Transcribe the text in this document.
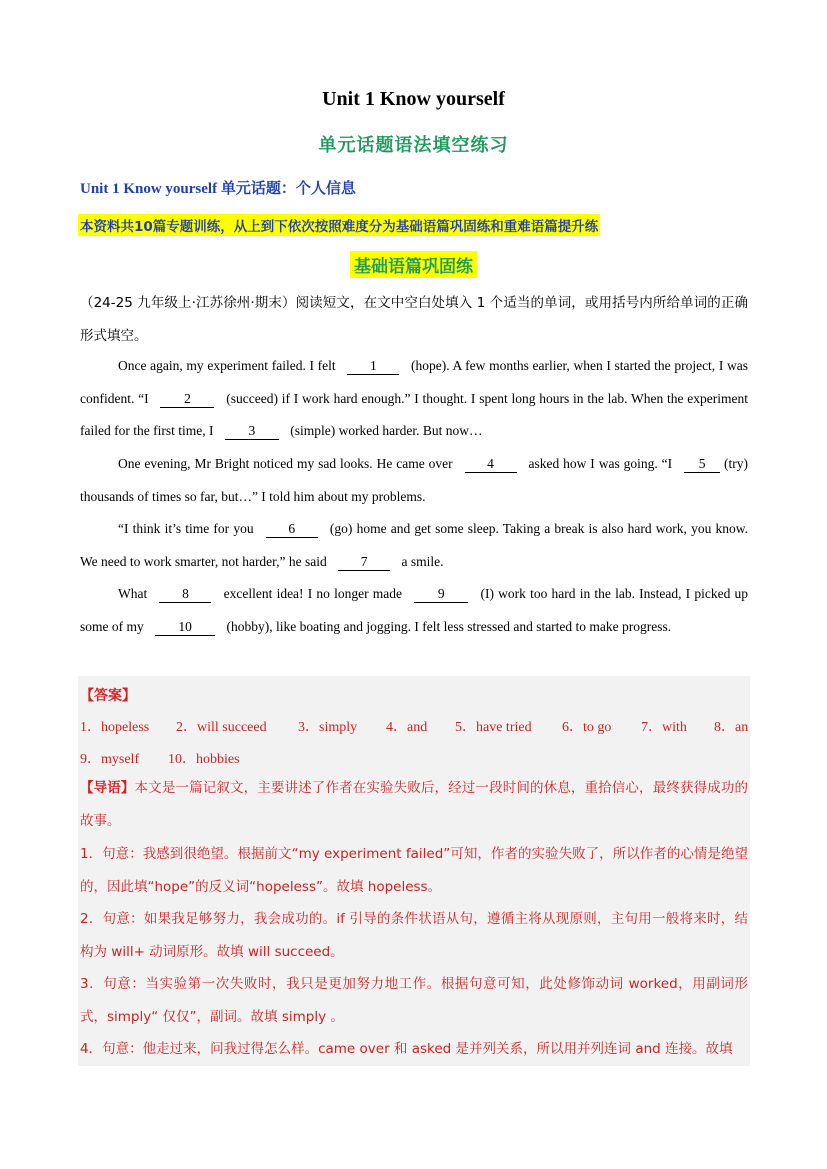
Unit 1 Know yourself
单元话题语法填空练习
Unit 1 Know yourself 单元话题：个人信息
本资料共10篇专题训练，从上到下依次按照难度分为基础语篇巩固练和重难语篇提升练
基础语篇巩固练
（24-25 九年级上·江苏徐州·期末）阅读短文，在文中空白处填入 1 个适当的单词，或用括号内所给单词的正确形式填空。
Once again, my experiment failed. I felt	1	(hope). A few months earlier, when I started the project, I was confident. “I	2	(succeed) if I work hard enough.” I thought. I spent long hours in the lab. When the experiment failed for the first time, I	3	(simple) worked harder. But now…
One evening, Mr Bright noticed my sad looks. He came over	4	asked how I was going. “I 5 (try) thousands of times so far, but…” I told him about my problems.
“I think it’s time for you	6	(go) home and get some sleep. Taking a break is also hard work, you know. We need to work smarter, not harder,” he said	7	a smile.
What	8	excellent idea! I no longer made	9	(I) work too hard in the lab. Instead, I picked up some of my	10	(hobby), like boating and jogging. I felt less stressed and started to make progress.
【答案】
1．hopeless 2．will succeed 3．simply 4．and 5．have tried 6．to go 7．with 8．an
9．myself 10．hobbies
【导语】本文是一篇记叙文，主要讲述了作者在实验失败后，经过一段时间的休息，重拾信心，最终获得成功的故事。
1．句意：我感到很绝望。根据前文“my experiment failed”可知，作者的实验失败了，所以作者的心情是绝望的，因此填“hope”的反义词“hopeless”。故填 hopeless。
2．句意：如果我足够努力，我会成功的。if 引导的条件状语从句，遵循主将从现原则，主句用一般将来时，结构为 will+ 动词原形。故填 will succeed。
3．句意：当实验第一次失败时，我只是更加努力地工作。根据句意可知，此处修饰动词 worked，用副词形式，simply“ 仅仅”，副词。故填 simply 。
4．句意：他走过来，问我过得怎么样。came over 和 asked 是并列关系，所以用并列连词 and 连接。故填
